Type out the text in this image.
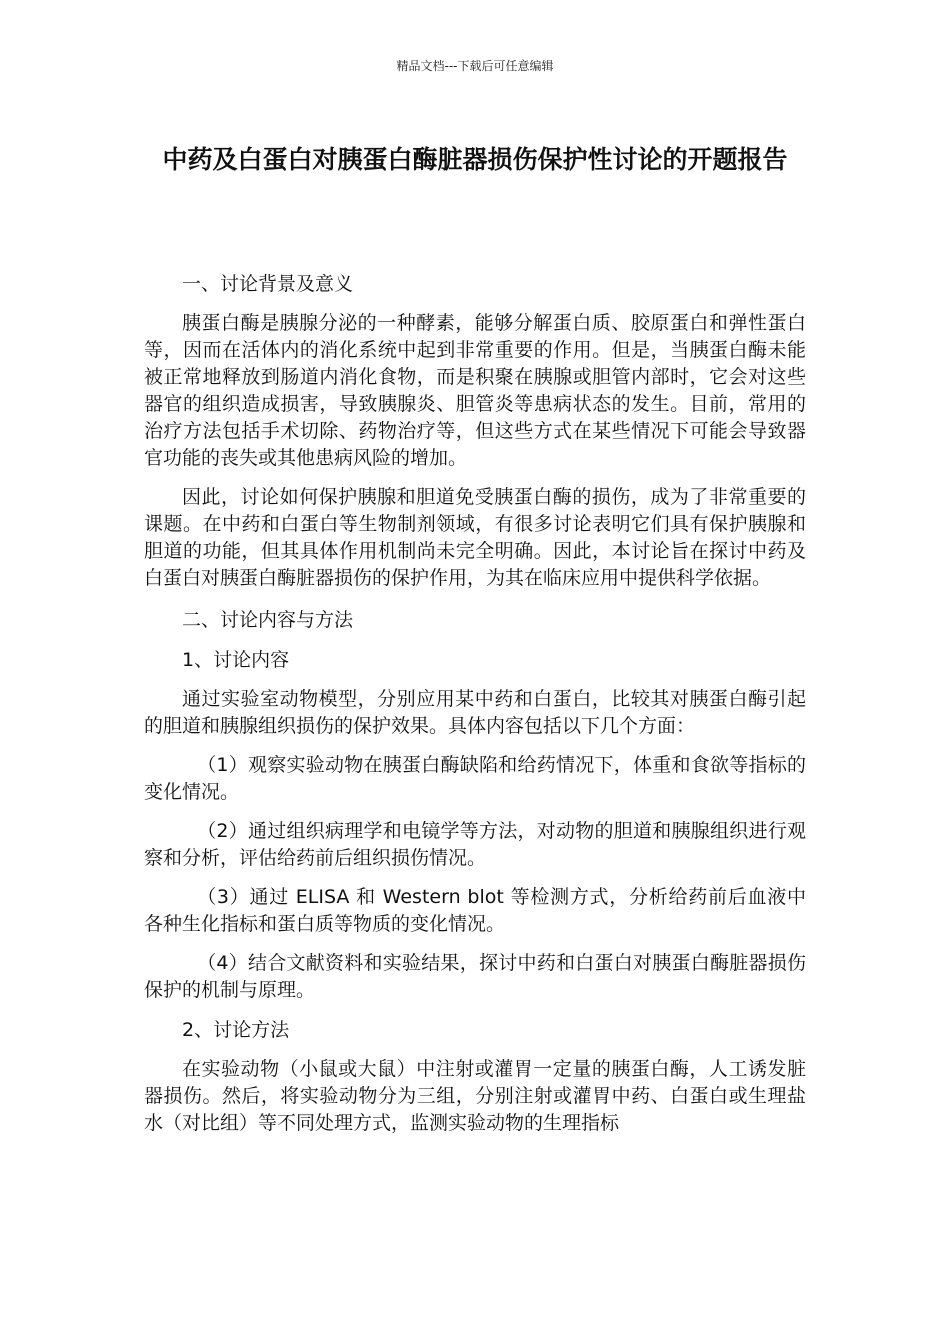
精品文档---下载后可任意编辑
中药及白蛋白对胰蛋白酶脏器损伤保护性讨论的开题报告

一、讨论背景及意义

胰蛋白酶是胰腺分泌的一种酵素，能够分解蛋白质、胶原蛋白和弹性蛋白等，因而在活体内的消化系统中起到非常重要的作用。但是，当胰蛋白酶未能被正常地释放到肠道内消化食物，而是积聚在胰腺或胆管内部时，它会对这些器官的组织造成损害，导致胰腺炎、胆管炎等患病状态的发生。目前，常用的治疗方法包括手术切除、药物治疗等，但这些方式在某些情况下可能会导致器官功能的丧失或其他患病风险的增加。

因此，讨论如何保护胰腺和胆道免受胰蛋白酶的损伤，成为了非常重要的课题。在中药和白蛋白等生物制剂领域，有很多讨论表明它们具有保护胰腺和胆道的功能，但其具体作用机制尚未完全明确。因此，本讨论旨在探讨中药及白蛋白对胰蛋白酶脏器损伤的保护作用，为其在临床应用中提供科学依据。

二、讨论内容与方法

1、讨论内容

通过实验室动物模型，分别应用某中药和白蛋白，比较其对胰蛋白酶引起的胆道和胰腺组织损伤的保护效果。具体内容包括以下几个方面：

（1）观察实验动物在胰蛋白酶缺陷和给药情况下，体重和食欲等指标的变化情况。

（2）通过组织病理学和电镜学等方法，对动物的胆道和胰腺组织进行观察和分析，评估给药前后组织损伤情况。

（3）通过 ELISA 和 Western blot 等检测方式，分析给药前后血液中各种生化指标和蛋白质等物质的变化情况。

（4）结合文献资料和实验结果，探讨中药和白蛋白对胰蛋白酶脏器损伤保护的机制与原理。

2、讨论方法

在实验动物（小鼠或大鼠）中注射或灌胃一定量的胰蛋白酶，人工诱发脏器损伤。然后，将实验动物分为三组，分别注射或灌胃中药、白蛋白或生理盐水（对比组）等不同处理方式，监测实验动物的生理指标
